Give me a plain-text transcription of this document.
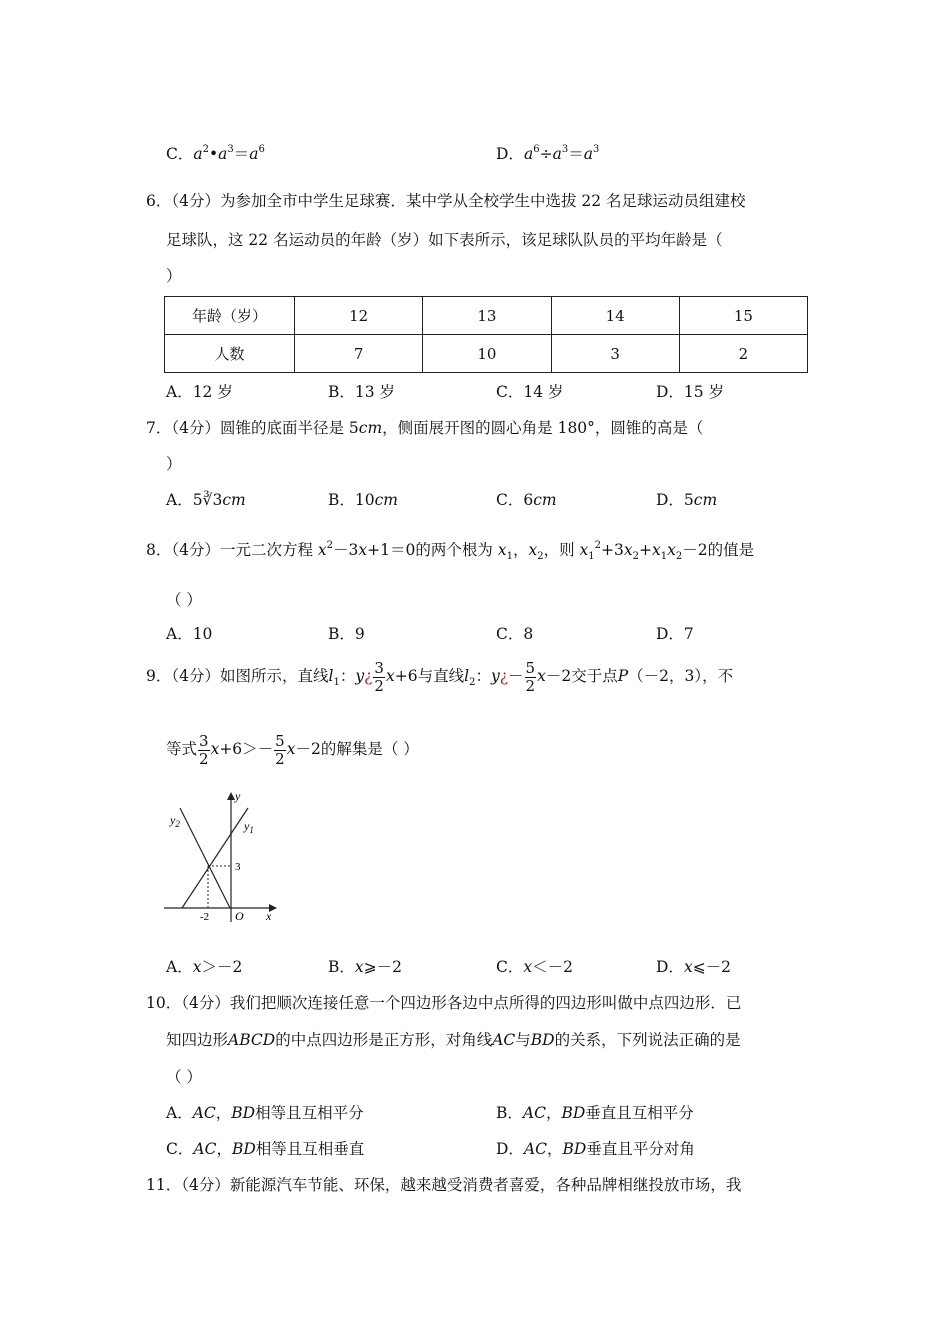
C．$a^2•a^3=a^6$	D．$a^6\div a^3=a^3$
6．（4分）为参加全市中学生足球赛．某中学从全校学生中选拔 22 名足球运动员组建校
足球队，这 22 名运动员的年龄（岁）如下表所示，该足球队队员的平均年龄是（
）
年龄（岁）	12	13	14	15
人数	7	10	3	2
A．12 岁	B．13 岁	C．14 岁	D．15 岁
7．（4分）圆锥的底面半径是 5cm，侧面展开图的圆心角是 180°，圆锥的高是（
）
A．5∛3cm	B．10cm	C．6cm	D．5cm
8．（4分）一元二次方程 $x^2-3x+1=0$的两个根为 $x_1$，$x_2$，则 $x_1^2+3x_2+x_1x_2-2$的值是
（ ）
A．10	B．9	C．8	D．7
9．（4分）如图所示，直线$l_1$：y¿ $\frac{3}{2} x+6$与直线$l_2$：y¿－ $\frac{5}{2} x-2$交于点P（－2，3），不
等式 $\frac{3}{2} x+6>- \frac{5}{2} x-2$的解集是（ ）
y
x
O
-2
3
$y_1$
$y_2$
A．x＞－2	B．x⩾－2	C．x＜－2	D．x⩽－2
10．（4分）我们把顺次连接任意一个四边形各边中点所得的四边形叫做中点四边形．已
知四边形ABCD的中点四边形是正方形，对角线AC与BD的关系，下列说法正确的是
（ ）
A．AC，BD相等且互相平分	B．AC，BD垂直且互相平分
C．AC，BD相等且互相垂直	D．AC，BD垂直且平分对角
11．（4分）新能源汽车节能、环保，越来越受消费者喜爱，各种品牌相继投放市场，我
